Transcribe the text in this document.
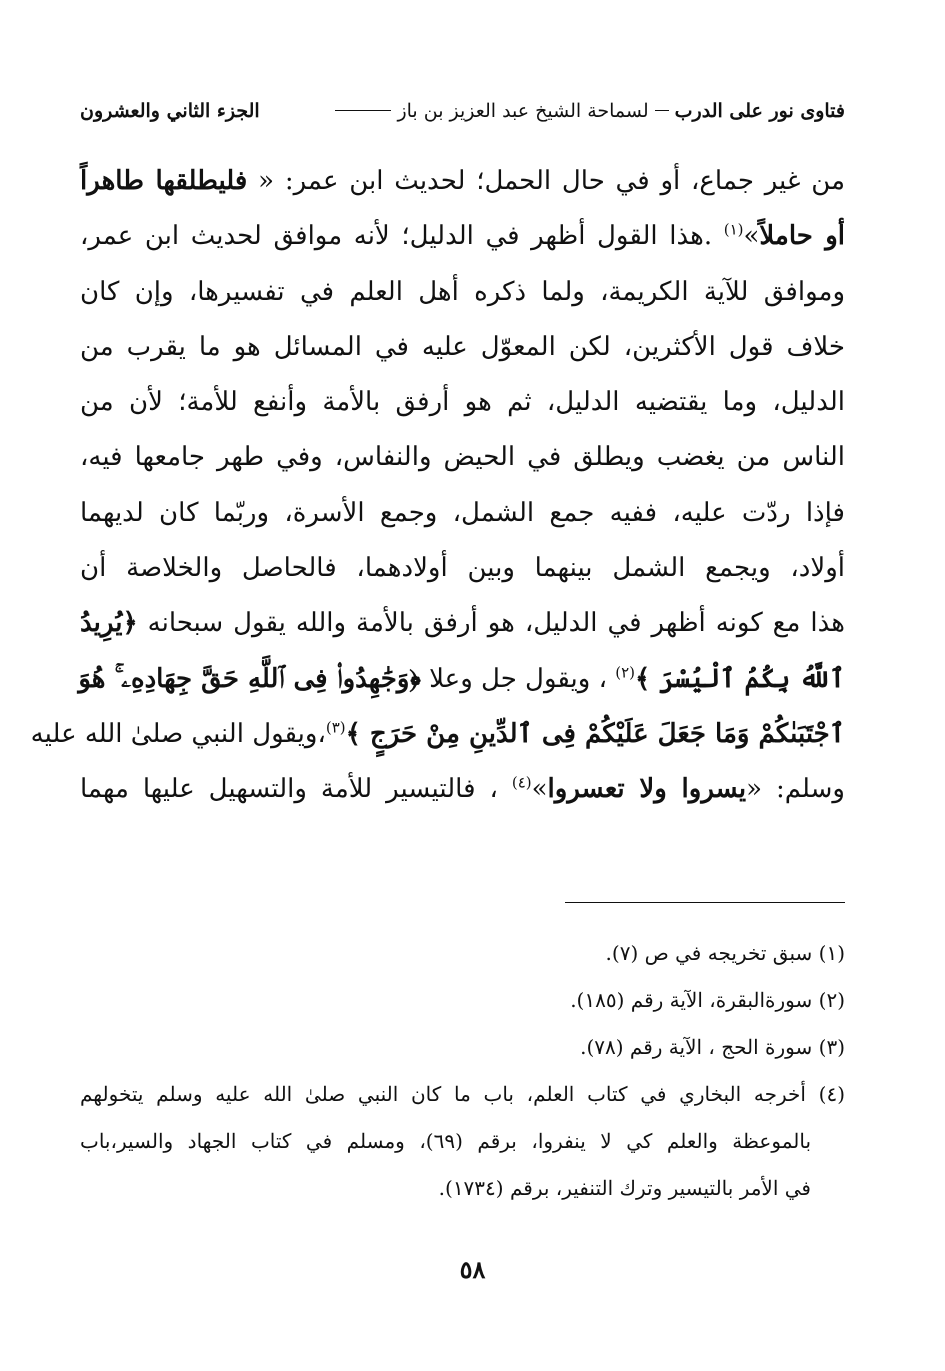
فتاوى نور على الدرب
لسماحة الشيخ عبد العزيز بن باز
الجزء الثاني والعشرون
من غير جماع، أو في حال الحمل؛ لحديث ابن عمر: « فليطلقها طاهراً
أو حاملاً»$^{(١)}$ .هذا القول أظهر في الدليل؛ لأنه موافق لحديث ابن عمر،
وموافق للآية الكريمة، ولما ذكره أهل العلم في تفسيرها، وإن كان
خلاف قول الأكثرين، لكن المعوّل عليه في المسائل هو ما يقرب من
الدليل، وما يقتضيه الدليل، ثم هو أرفق بالأمة وأنفع للأمة؛ لأن من
الناس من يغضب ويطلق في الحيض والنفاس، وفي طهر جامعها فيه،
فإذا ردّت عليه، ففيه جمع الشمل، وجمع الأسرة، وربّما كان لديهما
أولاد، ويجمع الشمل بينهما وبين أولادهما، فالحاصل والخلاصة أن
هذا مع كونه أظهر في الدليل، هو أرفق بالأمة والله يقول سبحانه ﴿يُرِيدُ
ٱللَّهُ بِكُمُ ٱلْيُسْرَ ﴾$^{(٢)}$ ، ويقول جل وعلا ﴿وَجَٰهِدُوا۟ فِى ٱللَّهِ حَقَّ جِهَادِهِۦ ۚ هُوَ
ٱجْتَبَىٰكُمْ وَمَا جَعَلَ عَلَيْكُمْ فِى ٱلدِّينِ مِنْ حَرَجٍ ﴾$^{(٣)}$،ويقول النبي صلىٰ الله عليه
وسلم: «يسروا ولا تعسروا»$^{(٤)}$ ، فالتيسير للأمة والتسهيل عليها مهما
(١) سبق تخريجه في ص (٧).
(٢) سورةالبقرة، الآية رقم (١٨٥).
(٣) سورة الحج ، الآية رقم (٧٨).
(٤) أخرجه البخاري في كتاب العلم، باب ما كان النبي صلىٰ الله عليه وسلم يتخولهم
بالموعظة والعلم كي لا ينفروا، برقم (٦٩)، ومسلم في كتاب الجهاد والسير،باب
في الأمر بالتيسير وترك التنفير، برقم (١٧٣٤).
٥٨
